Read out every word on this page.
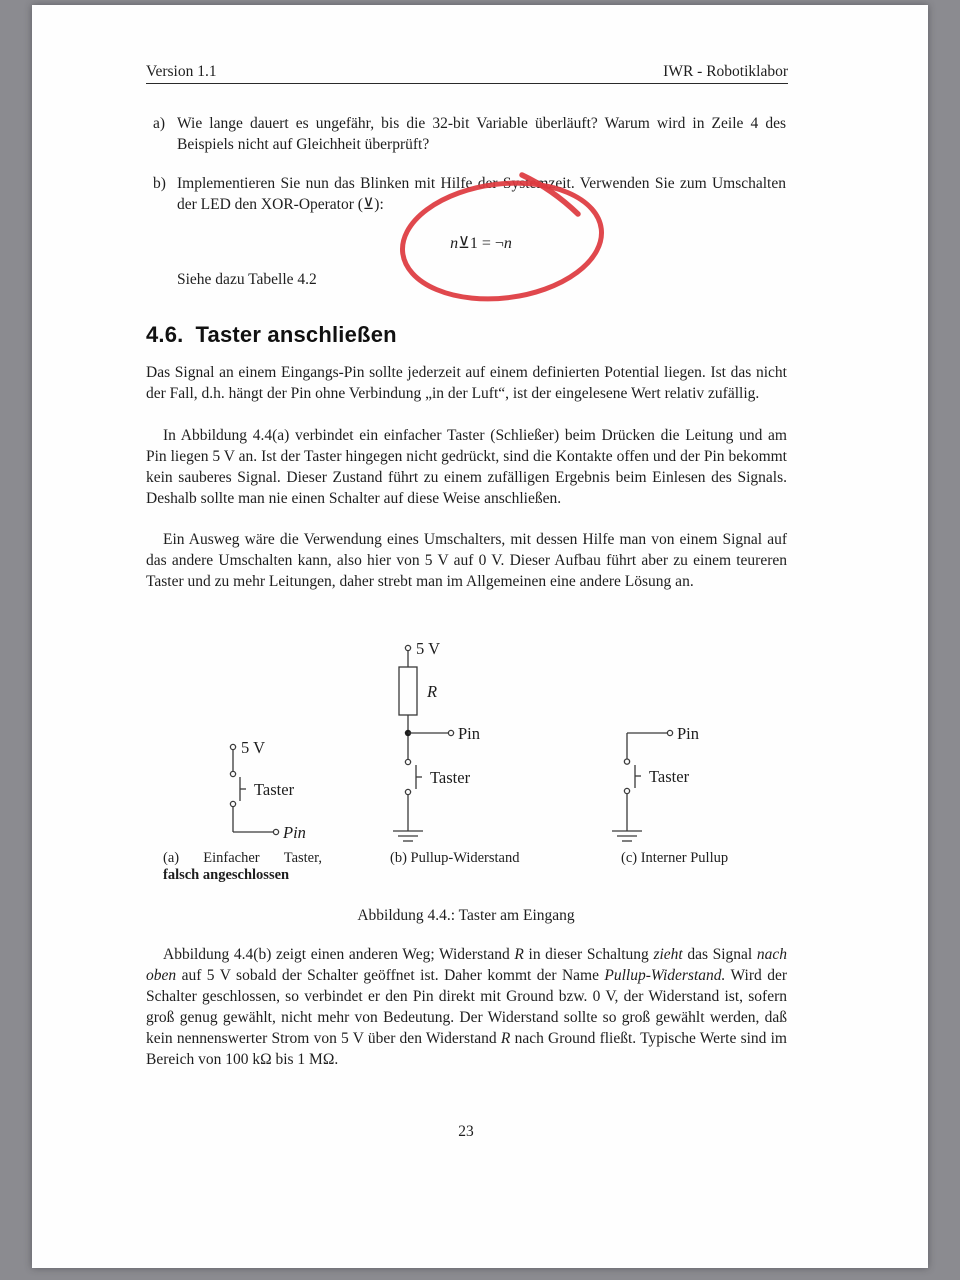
Version 1.1	IWR - Robotiklabor
a) Wie lange dauert es ungefähr, bis die 32-bit Variable überläuft? Warum wird in Zeile 4 des Beispiels nicht auf Gleichheit überprüft?
b) Implementieren Sie nun das Blinken mit Hilfe der Systemzeit. Verwenden Sie zum Umschalten der LED den XOR-Operator (⊻):
n⊻1 = ¬n
Siehe dazu Tabelle 4.2
4.6. Taster anschließen

Das Signal an einem Eingangs-Pin sollte jederzeit auf einem definierten Potential liegen. Ist das nicht der Fall, d.h. hängt der Pin ohne Verbindung „in der Luft“, ist der eingelesene Wert relativ zufällig.

In Abbildung 4.4(a) verbindet ein einfacher Taster (Schließer) beim Drücken die Leitung und am Pin liegen 5 V an. Ist der Taster hingegen nicht gedrückt, sind die Kontakte offen und der Pin bekommt kein sauberes Signal. Dieser Zustand führt zu einem zufälligen Ergebnis beim Einlesen des Signals. Deshalb sollte man nie einen Schalter auf diese Weise anschließen.

Ein Ausweg wäre die Verwendung eines Umschalters, mit dessen Hilfe man von einem Signal auf das andere Umschalten kann, also hier von 5 V auf 0 V. Dieser Aufbau führt aber zu einem teureren Taster und zu mehr Leitungen, daher strebt man im Allgemeinen eine andere Lösung an.

5 V
Taster
Pin
5 V
R
Pin
Taster
Pin
Taster
(a) Einfacher Taster,
falsch angeschlossen
(b) Pullup-Widerstand	(c) Interner Pullup
Abbildung 4.4.: Taster am Eingang

Abbildung 4.4(b) zeigt einen anderen Weg; Widerstand R in dieser Schaltung zieht das Signal nach oben auf 5 V sobald der Schalter geöffnet ist. Daher kommt der Name Pullup-Widerstand. Wird der Schalter geschlossen, so verbindet er den Pin direkt mit Ground bzw. 0 V, der Widerstand ist, sofern groß genug gewählt, nicht mehr von Bedeutung. Der Widerstand sollte so groß gewählt werden, daß kein nennenswerter Strom von 5 V über den Widerstand R nach Ground fließt. Typische Werte sind im Bereich von 100 kΩ bis 1 MΩ.

23
